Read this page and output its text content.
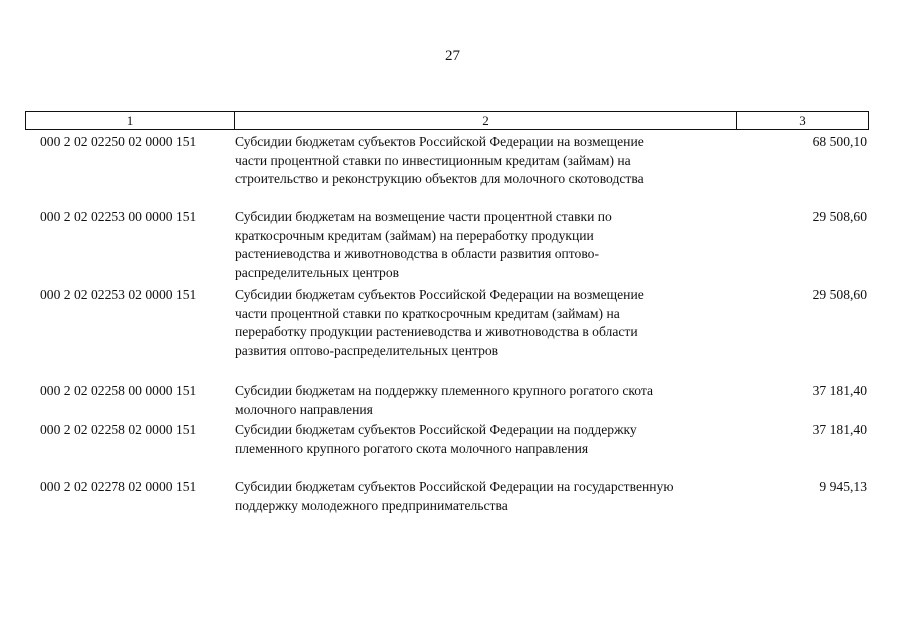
27
1	2	3
000 2 02 02250 02 0000 151	Субсидии бюджетам субъектов Российской Федерации на возмещение
части процентной ставки по инвестиционным кредитам (займам) на
строительство и реконструкцию объектов для молочного скотоводства
68 500,10
000 2 02 02253 00 0000 151	Субсидии бюджетам на возмещение части процентной ставки по
краткосрочным кредитам (займам) на переработку продукции
растениеводства и животноводства в области развития оптово-
распределительных центров
29 508,60
000 2 02 02253 02 0000 151	Субсидии бюджетам субъектов Российской Федерации на возмещение
части процентной ставки по краткосрочным кредитам (займам) на
переработку продукции растениеводства и животноводства в области
развития оптово-распределительных центров
29 508,60
000 2 02 02258 00 0000 151	Субсидии бюджетам на поддержку племенного крупного рогатого скота
молочного направления
37 181,40
000 2 02 02258 02 0000 151	Субсидии бюджетам субъектов Российской Федерации на поддержку
племенного крупного рогатого скота молочного направления
37 181,40
000 2 02 02278 02 0000 151	Субсидии бюджетам субъектов Российской Федерации на государственную
поддержку молодежного предпринимательства
9 945,13
